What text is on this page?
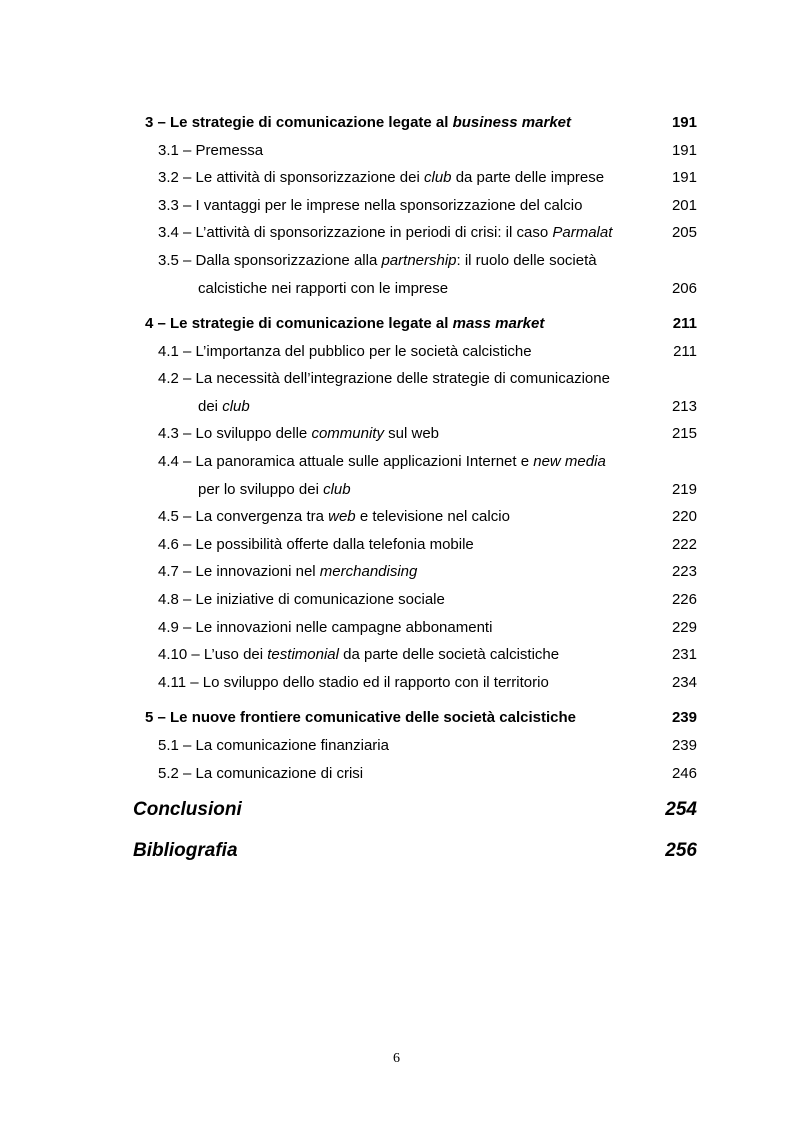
3 – Le strategie di comunicazione legate al business market	191
3.1 – Premessa	191
3.2 – Le attività di sponsorizzazione dei club da parte delle imprese	191
3.3 – I vantaggi per le imprese nella sponsorizzazione del calcio	201
3.4 – L’attività di sponsorizzazione in periodi di crisi: il caso Parmalat	205
3.5 – Dalla sponsorizzazione alla partnership: il ruolo delle società
calcistiche nei rapporti con le imprese	206
4 – Le strategie di comunicazione legate al mass market	211
4.1 – L’importanza del pubblico per le società calcistiche	211
4.2 – La necessità dell’integrazione delle strategie di comunicazione
dei club	213
4.3 – Lo sviluppo delle community sul web	215
4.4 – La panoramica attuale sulle applicazioni Internet e new media
per lo sviluppo dei club	219
4.5 – La convergenza tra web e televisione nel calcio	220
4.6 – Le possibilità offerte dalla telefonia mobile	222
4.7 – Le innovazioni nel merchandising	223
4.8 – Le iniziative di comunicazione sociale	226
4.9 – Le innovazioni nelle campagne abbonamenti	229
4.10 – L’uso dei testimonial da parte delle società calcistiche	231
4.11 – Lo sviluppo dello stadio ed il rapporto con il territorio	234
5 – Le nuove frontiere comunicative delle società calcistiche	239
5.1 – La comunicazione finanziaria	239
5.2 – La comunicazione di crisi	246
Conclusioni	254
Bibliografia	256
6
